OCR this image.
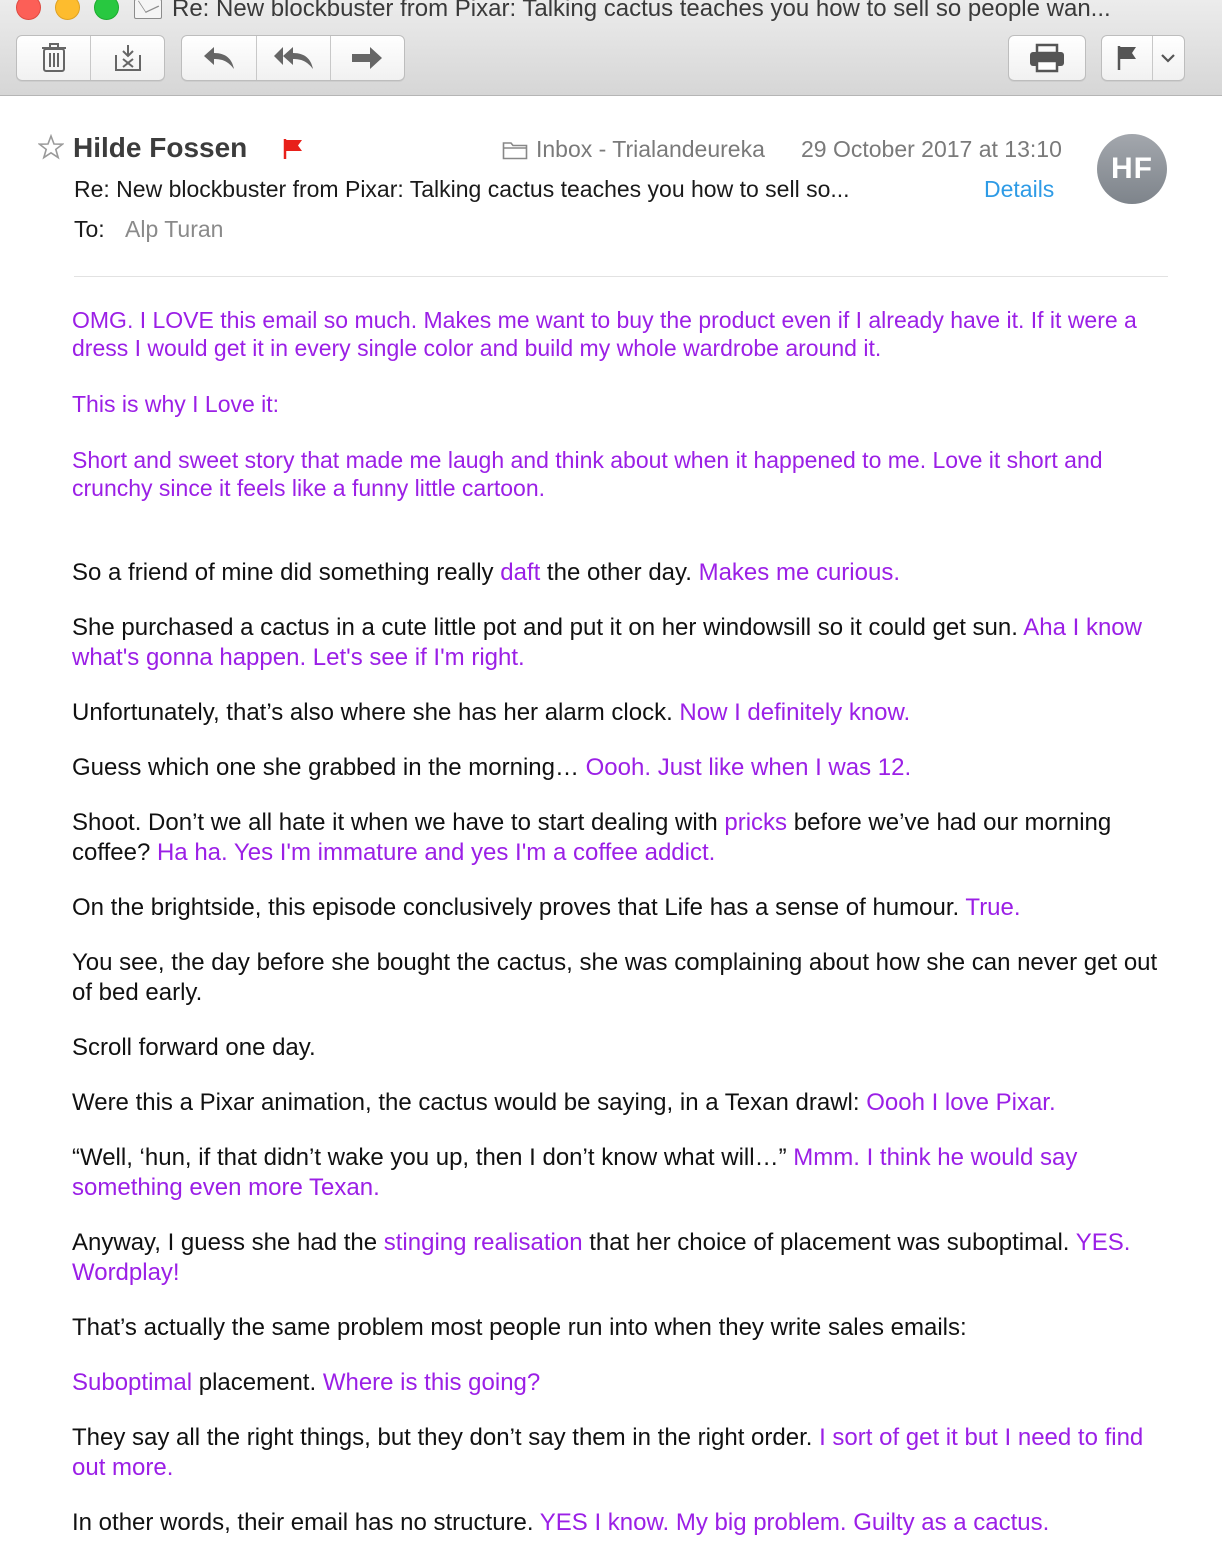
Re: New blockbuster from Pixar: Talking cactus teaches you how to sell so people wan...
Hilde Fossen	Inbox - Trialandeureka 29 October 2017 at 13:10
Re: New blockbuster from Pixar: Talking cactus teaches you how to sell so...	Details
To: Alp Turan
HF

OMG. I LOVE this email so much. Makes me want to buy the product even if I already have it. If it were a dress I would get it in every single color and build my whole wardrobe around it.

This is why I Love it:

Short and sweet story that made me laugh and think about when it happened to me. Love it short and crunchy since it feels like a funny little cartoon.

So a friend of mine did something really daft the other day. Makes me curious.

She purchased a cactus in a cute little pot and put it on her windowsill so it could get sun. Aha I know what's gonna happen. Let's see if I'm right.

Unfortunately, that’s also where she has her alarm clock. Now I definitely know.

Guess which one she grabbed in the morning… Oooh. Just like when I was 12.

Shoot. Don’t we all hate it when we have to start dealing with pricks before we’ve had our morning coffee? Ha ha. Yes I'm immature and yes I'm a coffee addict.

On the brightside, this episode conclusively proves that Life has a sense of humour. True.

You see, the day before she bought the cactus, she was complaining about how she can never get out of bed early.

Scroll forward one day.

Were this a Pixar animation, the cactus would be saying, in a Texan drawl: Oooh I love Pixar.

“Well, ‘hun, if that didn’t wake you up, then I don’t know what will…” Mmm. I think he would say something even more Texan.

Anyway, I guess she had the stinging realisation that her choice of placement was suboptimal. YES. Wordplay!

That’s actually the same problem most people run into when they write sales emails:

Suboptimal placement. Where is this going?

They say all the right things, but they don’t say them in the right order. I sort of get it but I need to find out more.

In other words, their email has no structure. YES I know. My big problem. Guilty as a cactus.
